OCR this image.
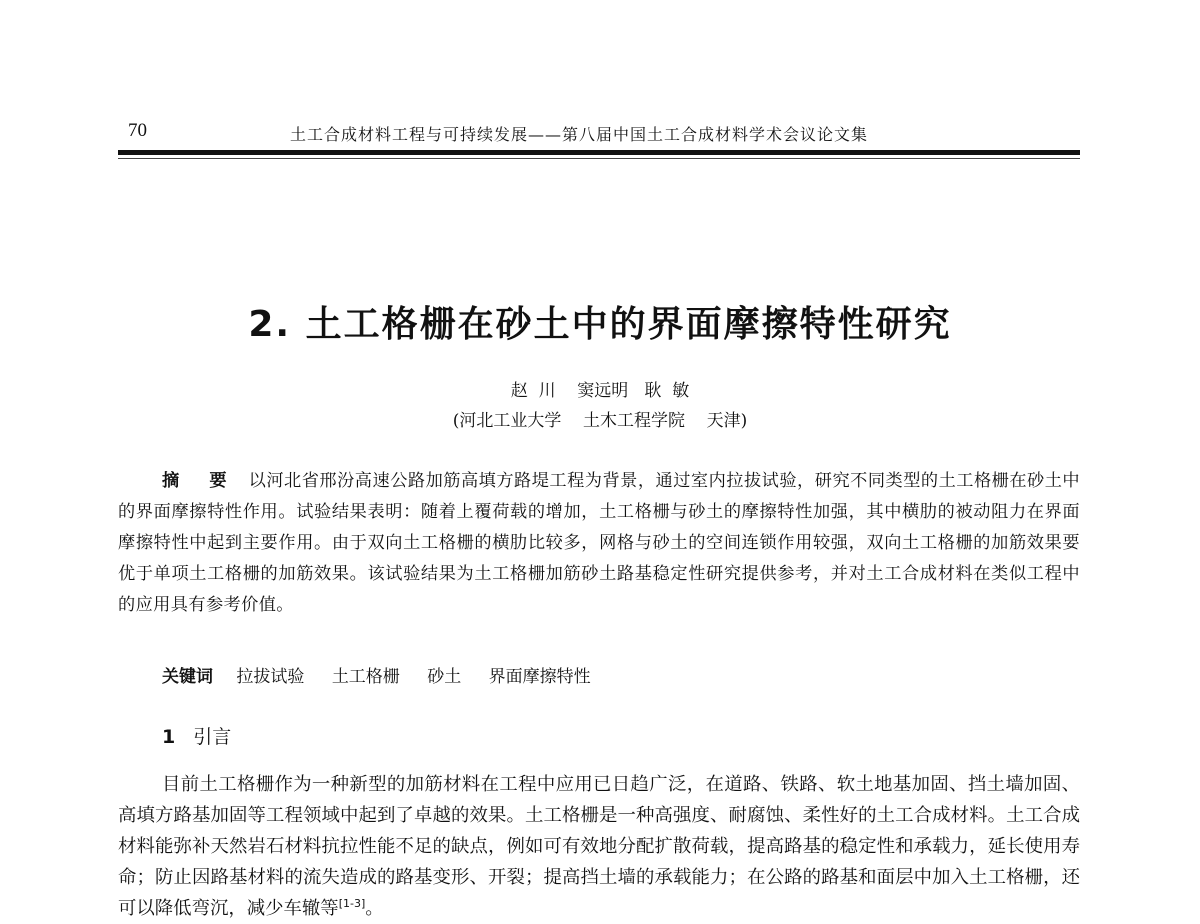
70	土工合成材料工程与可持续发展——第八届中国土工合成材料学术会议论文集
2. 土工格栅在砂土中的界面摩擦特性研究
赵  川    窦远明   耿  敏
(河北工业大学    土木工程学院    天津)
摘 要 以河北省邢汾高速公路加筋高填方路堤工程为背景，通过室内拉拔试验，研究不同类型的土工格栅在砂土中的界面摩擦特性作用。试验结果表明：随着上覆荷载的增加，土工格栅与砂土的摩擦特性加强，其中横肋的被动阻力在界面摩擦特性中起到主要作用。由于双向土工格栅的横肋比较多，网格与砂土的空间连锁作用较强，双向土工格栅的加筋效果要优于单项土工格栅的加筋效果。该试验结果为土工格栅加筋砂土路基稳定性研究提供参考，并对土工合成材料在类似工程中的应用具有参考价值。
关键词 拉拔试验 土工格栅 砂土 界面摩擦特性
1 引言
目前土工格栅作为一种新型的加筋材料在工程中应用已日趋广泛，在道路、铁路、软土地基加固、挡土墙加固、高填方路基加固等工程领域中起到了卓越的效果。土工格栅是一种高强度、耐腐蚀、柔性好的土工合成材料。土工合成材料能弥补天然岩石材料抗拉性能不足的缺点，例如可有效地分配扩散荷载，提高路基的稳定性和承载力，延长使用寿命；防止因路基材料的流失造成的路基变形、开裂；提高挡土墙的承载能力；在公路的路基和面层中加入土工格栅，还可以降低弯沉，减少车辙等[1-3]。
